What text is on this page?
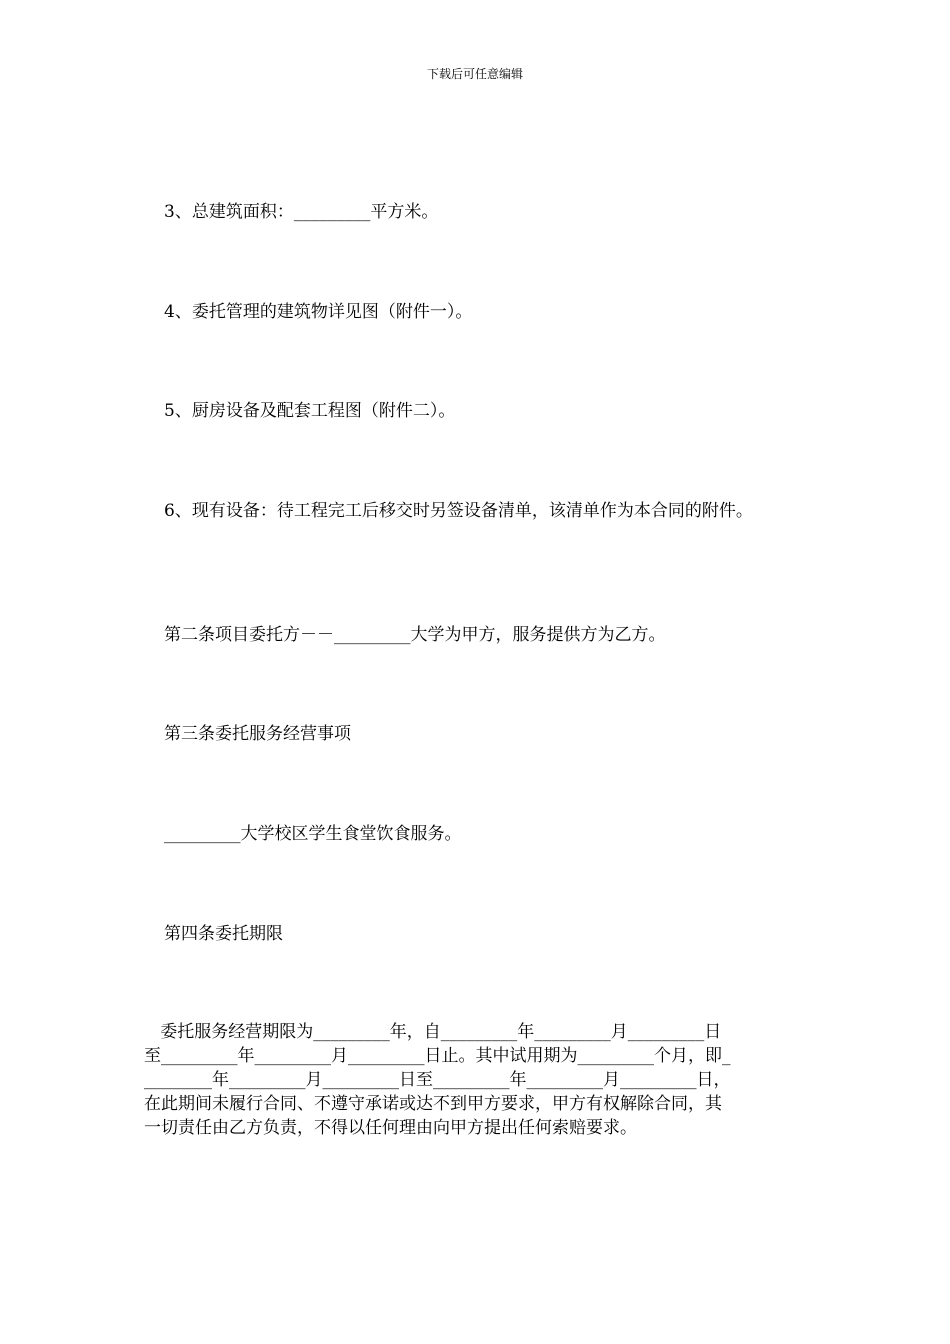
下载后可任意编辑
3、总建筑面积：_________平方米。
4、委托管理的建筑物详见图（附件一）。
5、厨房设备及配套工程图（附件二）。
6、现有设备：待工程完工后移交时另签设备清单，该清单作为本合同的附件。
第二条项目委托方－－_________大学为甲方，服务提供方为乙方。
第三条委托服务经营事项
_________大学校区学生食堂饮食服务。
第四条委托期限
委托服务经营期限为_________年，自_________年_________月_________日
至_________年_________月_________日止。其中试用期为_________个月，即_
________年_________月_________日至_________年_________月_________日，
在此期间未履行合同、不遵守承诺或达不到甲方要求，甲方有权解除合同，其
一切责任由乙方负责，不得以任何理由向甲方提出任何索赔要求。
